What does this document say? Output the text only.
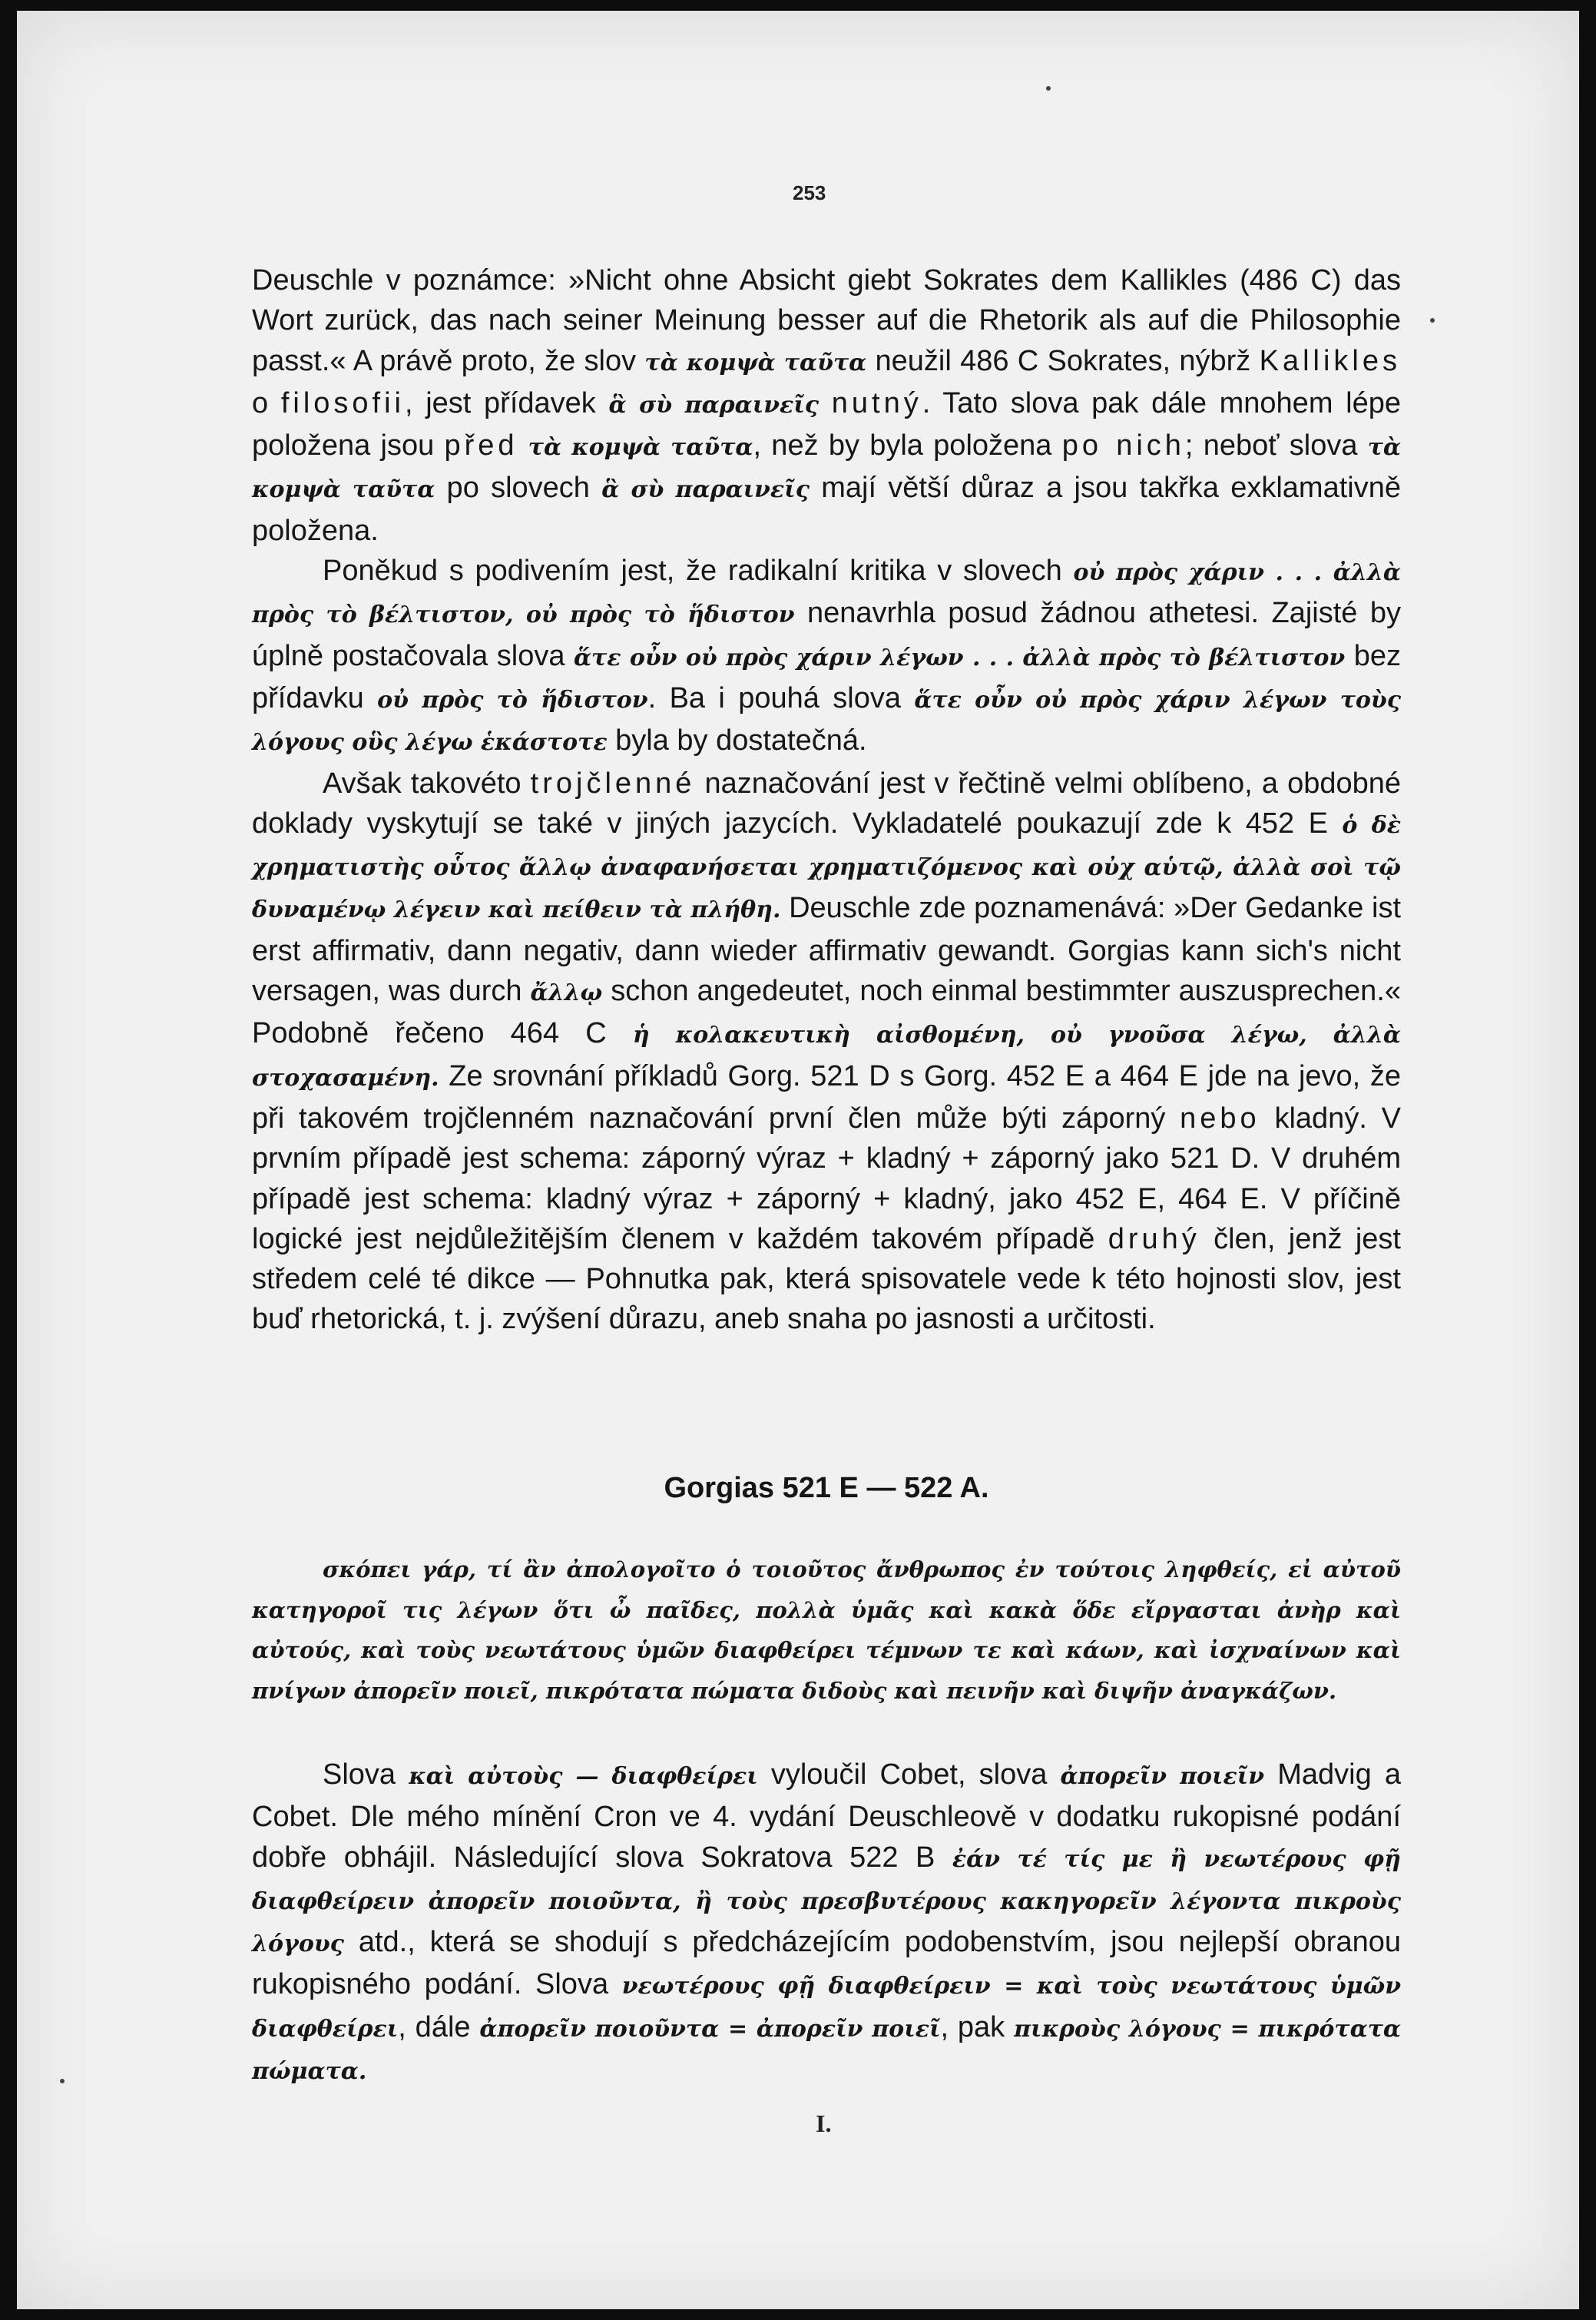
253

Deuschle v poznámce: »Nicht ohne Absicht giebt Sokrates dem Kallikles (486 C) das Wort zurück, das nach seiner Meinung besser auf die Rhetorik als auf die Philosophie passt.« A právě proto, že slov τὰ κομψὰ ταῦτα neužil 486 C Sokrates, nýbrž Kallikles o filosofii, jest přídavek ἃ σὺ παραινεῖς nutný. Tato slova pak dále mnohem lépe položena jsou před τὰ κομψὰ ταῦτα, než by byla položena po nich; neboť slova τὰ κομψὰ ταῦτα po slovech ἃ σὺ παραινεῖς mají větší důraz a jsou takřka exklamativně položena.

Poněkud s podivením jest, že radikalní kritika v slovech οὐ πρὸς χάριν . . . ἀλλὰ πρὸς τὸ βέλτιστον, οὐ πρὸς τὸ ἥδιστον nenavrhla posud žádnou athetesi. Zajisté by úplně postačovala slova ἅτε οὖν οὐ πρὸς χάριν λέγων . . . ἀλλὰ πρὸς τὸ βέλτιστον bez přídavku οὐ πρὸς τὸ ἥδιστον. Ba i pouhá slova ἅτε οὖν οὐ πρὸς χάριν λέγων τοὺς λόγους οὓς λέγω ἑκάστοτε byla by dostatečná.

Avšak takovéto trojčlenné naznačování jest v řečtině velmi oblíbeno, a obdobné doklady vyskytují se také v jiných jazycích. Vykladatelé poukazují zde k 452 E ὁ δὲ χρηματιστὴς οὗτος ἄλλῳ ἀναφανήσεται χρηματιζόμενος καὶ οὐχ αὑτῷ, ἀλλὰ σοὶ τῷ δυναμένῳ λέγειν καὶ πείθειν τὰ πλήθη. Deuschle zde poznamenává: »Der Gedanke ist erst affirmativ, dann negativ, dann wieder affirmativ gewandt. Gorgias kann sich's nicht versagen, was durch ἄλλῳ schon angedeutet, noch einmal bestimmter auszusprechen.« Podobně řečeno 464 C ἡ κολακευτικὴ αἰσθομένη, οὐ γνοῦσα λέγω, ἀλλὰ στοχασαμένη. Ze srovnání příkladů Gorg. 521 D s Gorg. 452 E a 464 E jde na jevo, že při takovém trojčlenném naznačování první člen může býti záporný nebo kladný. V prvním případě jest schema: záporný výraz + kladný + záporný jako 521 D. V druhém případě jest schema: kladný výraz + záporný + kladný, jako 452 E, 464 E. V příčině logické jest nejdůležitějším členem v každém takovém případě druhý člen, jenž jest středem celé té dikce — Pohnutka pak, která spisovatele vede k této hojnosti slov, jest buď rhetorická, t. j. zvýšení důrazu, aneb snaha po jasnosti a určitosti.

Gorgias 521 E — 522 A.

σκόπει γάρ, τί ἂν ἀπολογοῖτο ὁ τοιοῦτος ἄνθρωπος ἐν τούτοις ληφθείς, εἰ αὐτοῦ κατηγοροῖ τις λέγων ὅτι ὦ παῖδες, πολλὰ ὑμᾶς καὶ κακὰ ὅδε εἴργασται ἀνὴρ καὶ αὐτούς, καὶ τοὺς νεωτάτους ὑμῶν διαφθείρει τέμνων τε καὶ κάων, καὶ ἰσχναίνων καὶ πνίγων ἀπορεῖν ποιεῖ, πικρότατα πώματα διδοὺς καὶ πεινῆν καὶ διψῆν ἀναγκάζων.

Slova καὶ αὐτοὺς — διαφθείρει vyloučil Cobet, slova ἀπορεῖν ποιεῖν Madvig a Cobet. Dle mého mínění Cron ve 4. vydání Deuschleově v dodatku rukopisné podání dobře obhájil. Následující slova Sokratova 522 B ἐάν τέ τίς με ἢ νεωτέρους φῇ διαφθείρειν ἀπορεῖν ποιοῦντα, ἢ τοὺς πρεσβυτέρους κακηγορεῖν λέγοντα πικροὺς λόγους atd., která se shodují s předcházejícím podobenstvím, jsou nejlepší obranou rukopisného podání. Slova νεωτέρους φῇ διαφθείρειν = καὶ τοὺς νεωτάτους ὑμῶν διαφθείρει, dále ἀπορεῖν ποιοῦντα = ἀπορεῖν ποιεῖ, pak πικροὺς λόγους = πικρότατα πώματα.

I.
